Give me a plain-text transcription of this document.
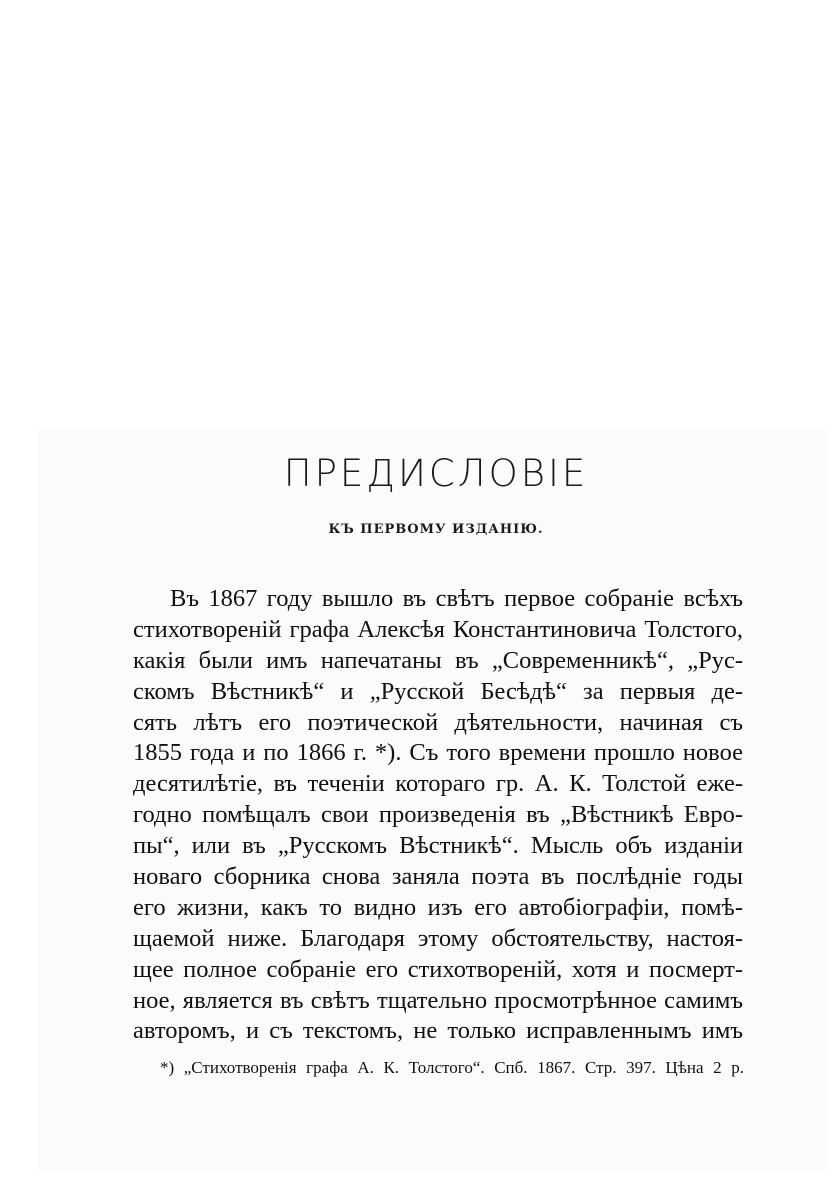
ПРЕДИСЛОВІЕ
КЪ ПЕРВОМУ ИЗДАНІЮ.
Въ 1867 году вышло въ свѣтъ первое собраніе всѣхъ
стихотвореній графа Алексѣя Константиновича Толстого,
какія были имъ напечатаны въ „Современникѣ“, „Рус-
скомъ Вѣстникѣ“ и „Русской Бесѣдѣ“ за первыя де-
сять лѣтъ его поэтической дѣятельности, начиная съ
1855 года и по 1866 г. *). Съ того времени прошло новое
десятилѣтіе, въ теченіи котораго гр. А. К. Толстой еже-
годно помѣщалъ свои произведенія въ „Вѣстникѣ Евро-
пы“, или въ „Русскомъ Вѣстникѣ“. Мысль объ изданіи
новаго сборника снова заняла поэта въ послѣдніе годы
его жизни, какъ то видно изъ его автобіографіи, помѣ-
щаемой ниже. Благодаря этому обстоятельству, настоя-
щее полное собраніе его стихотвореній, хотя и посмерт-
ное, является въ свѣтъ тщательно просмотрѣнное самимъ
авторомъ, и съ текстомъ, не только исправленнымъ имъ
*) „Стихотворенія графа А. К. Толстого“. Спб. 1867. Стр. 397. Цѣна 2 р.
